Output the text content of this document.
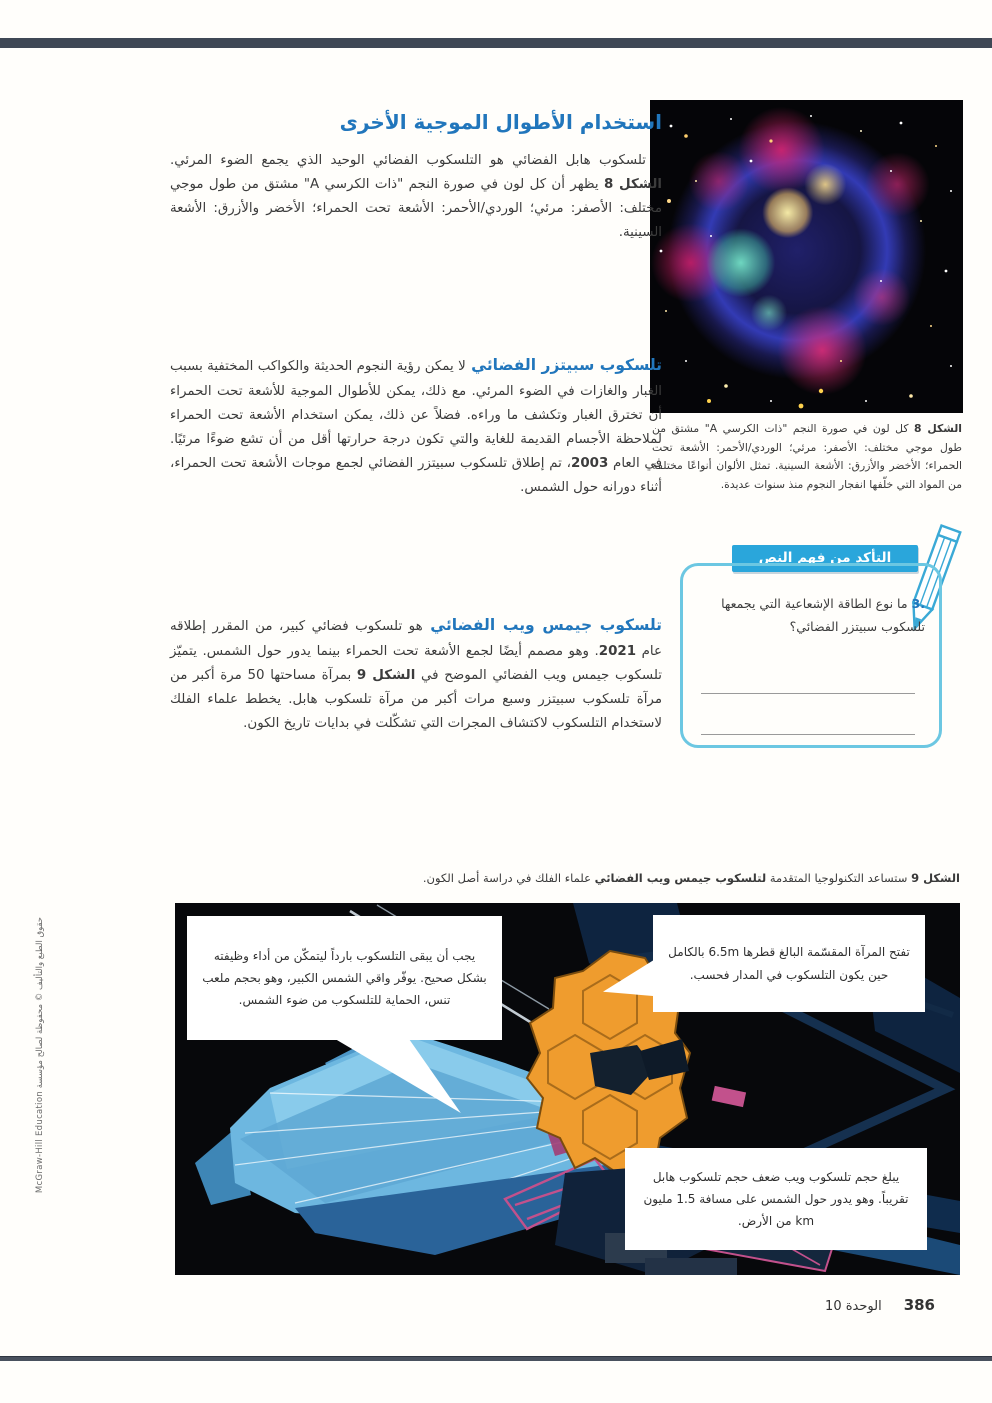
حقوق الطبع والتأليف © محفوظة لصالح مؤسسة McGraw-Hill Education

الشكل 8 كل لون في صورة النجم "ذات الكرسي A" مشتق من طول موجي مختلف: الأصفر: مرئي؛ الوردي/الأحمر: الأشعة تحت الحمراء؛ الأخضر والأزرق: الأشعة السينية. تمثل الألوان أنواعًا مختلفة من المواد التي خلّفها انفجار النجوم منذ سنوات عديدة.

استخدام الأطوال الموجية الأخرى

تلسكوب هابل الفضائي هو التلسكوب الفضائي الوحيد الذي يجمع الضوء المرئي. الشكل 8 يظهر أن كل لون في صورة النجم "ذات الكرسي A" مشتق من طول موجي مختلف: الأصفر: مرئي؛ الوردي/الأحمر: الأشعة تحت الحمراء؛ الأخضر والأزرق: الأشعة السينية.

تلسكوب سبيتزر الفضائي لا يمكن رؤية النجوم الحديثة والكواكب المختفية بسبب الغبار والغازات في الضوء المرئي. مع ذلك، يمكن للأطوال الموجية للأشعة تحت الحمراء أن تخترق الغبار وتكشف ما وراءه. فضلاً عن ذلك، يمكن استخدام الأشعة تحت الحمراء لملاحظة الأجسام القديمة للغاية والتي تكون درجة حرارتها أقل من أن تشع ضوءًا مرئيًا. في العام 2003، تم إطلاق تلسكوب سبيتزر الفضائي لجمع موجات الأشعة تحت الحمراء، أثناء دورانه حول الشمس.

تلسكوب جيمس ويب الفضائي هو تلسكوب فضائي كبير، من المقرر إطلاقه عام 2021. وهو مصمم أيضًا لجمع الأشعة تحت الحمراء بينما يدور حول الشمس. يتميّز تلسكوب جيمس ويب الفضائي الموضح في الشكل 9 بمرآة مساحتها 50 مرة أكبر من مرآة تلسكوب سبيتزر وسبع مرات أكبر من مرآة تلسكوب هابل. يخطط علماء الفلك لاستخدام التلسكوب لاكتشاف المجرات التي تشكّلت في بدايات تاريخ الكون.

التأكد من فهم النص

3. ما نوع الطاقة الإشعاعية التي يجمعها تلسكوب سبيتزر الفضائي؟

الشكل 9 ستساعد التكنولوجيا المتقدمة لتلسكوب جيمس ويب الفضائي علماء الفلك في دراسة أصل الكون.

يجب أن يبقى التلسكوب بارداً ليتمكّن من أداء وظيفته بشكل صحيح. يوفّر واقي الشمس الكبير، وهو بحجم ملعب تنس، الحماية للتلسكوب من ضوء الشمس.
تفتح المرآة المقسّمة البالغ قطرها 6.5m بالكامل حين يكون التلسكوب في المدار فحسب.
يبلغ حجم تلسكوب ويب ضعف حجم تلسكوب هابل تقريباً. وهو يدور حول الشمس على مسافة 1.5 مليون km من الأرض.
386
الوحدة 10
